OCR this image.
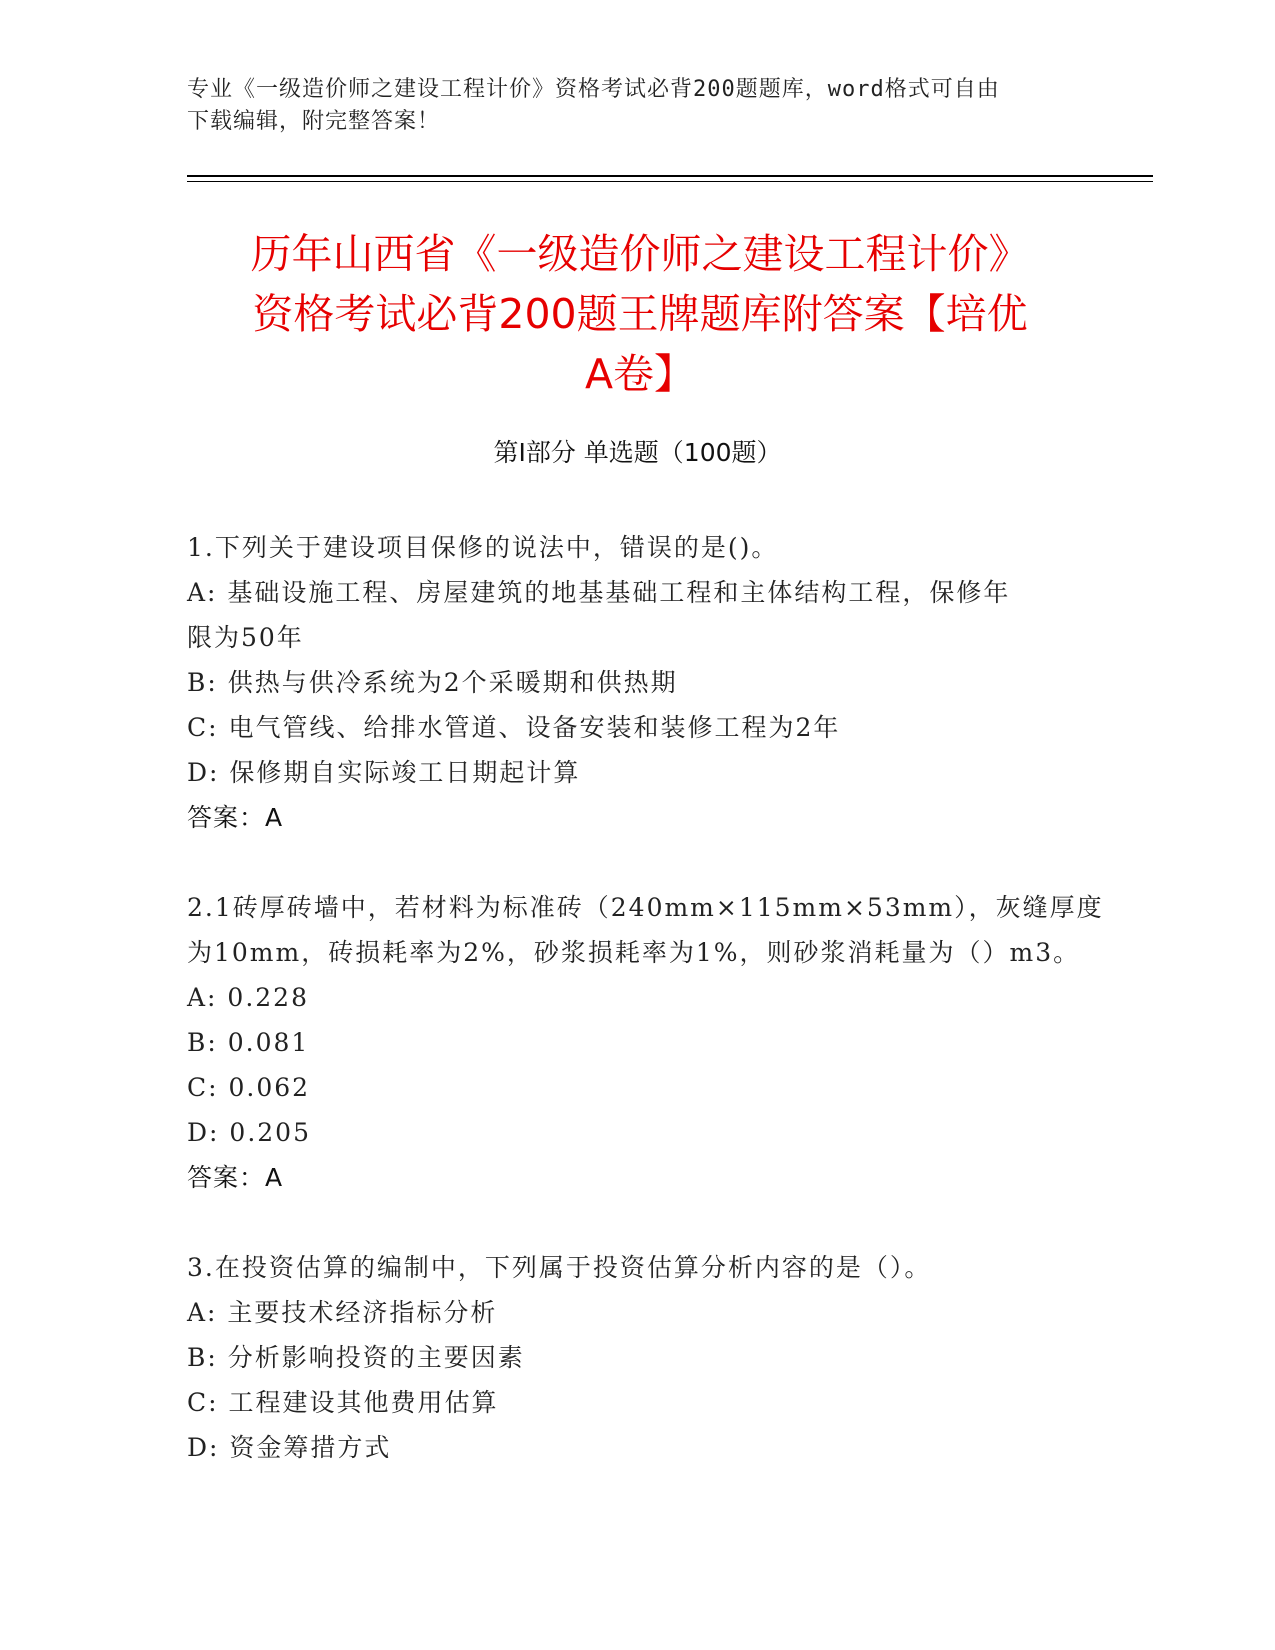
专业《一级造价师之建设工程计价》资格考试必背200题题库，word格式可自由
下载编辑，附完整答案！
历年山西省《一级造价师之建设工程计价》
资格考试必背200题王牌题库附答案【培优
A卷】
第I部分 单选题（100题）
1.下列关于建设项目保修的说法中，错误的是()。
A: 基础设施工程、房屋建筑的地基基础工程和主体结构工程，保修年
限为50年
B: 供热与供冷系统为2个采暖期和供热期
C: 电气管线、给排水管道、设备安装和装修工程为2年
D: 保修期自实际竣工日期起计算
答案：A
2.1砖厚砖墙中，若材料为标准砖（240mm×115mm×53mm），灰缝厚度
为10mm，砖损耗率为2%，砂浆损耗率为1%，则砂浆消耗量为（）m3。
A: 0.228
B: 0.081
C: 0.062
D: 0.205
答案：A
3.在投资估算的编制中，下列属于投资估算分析内容的是（）。
A: 主要技术经济指标分析
B: 分析影响投资的主要因素
C: 工程建设其他费用估算
D: 资金筹措方式
